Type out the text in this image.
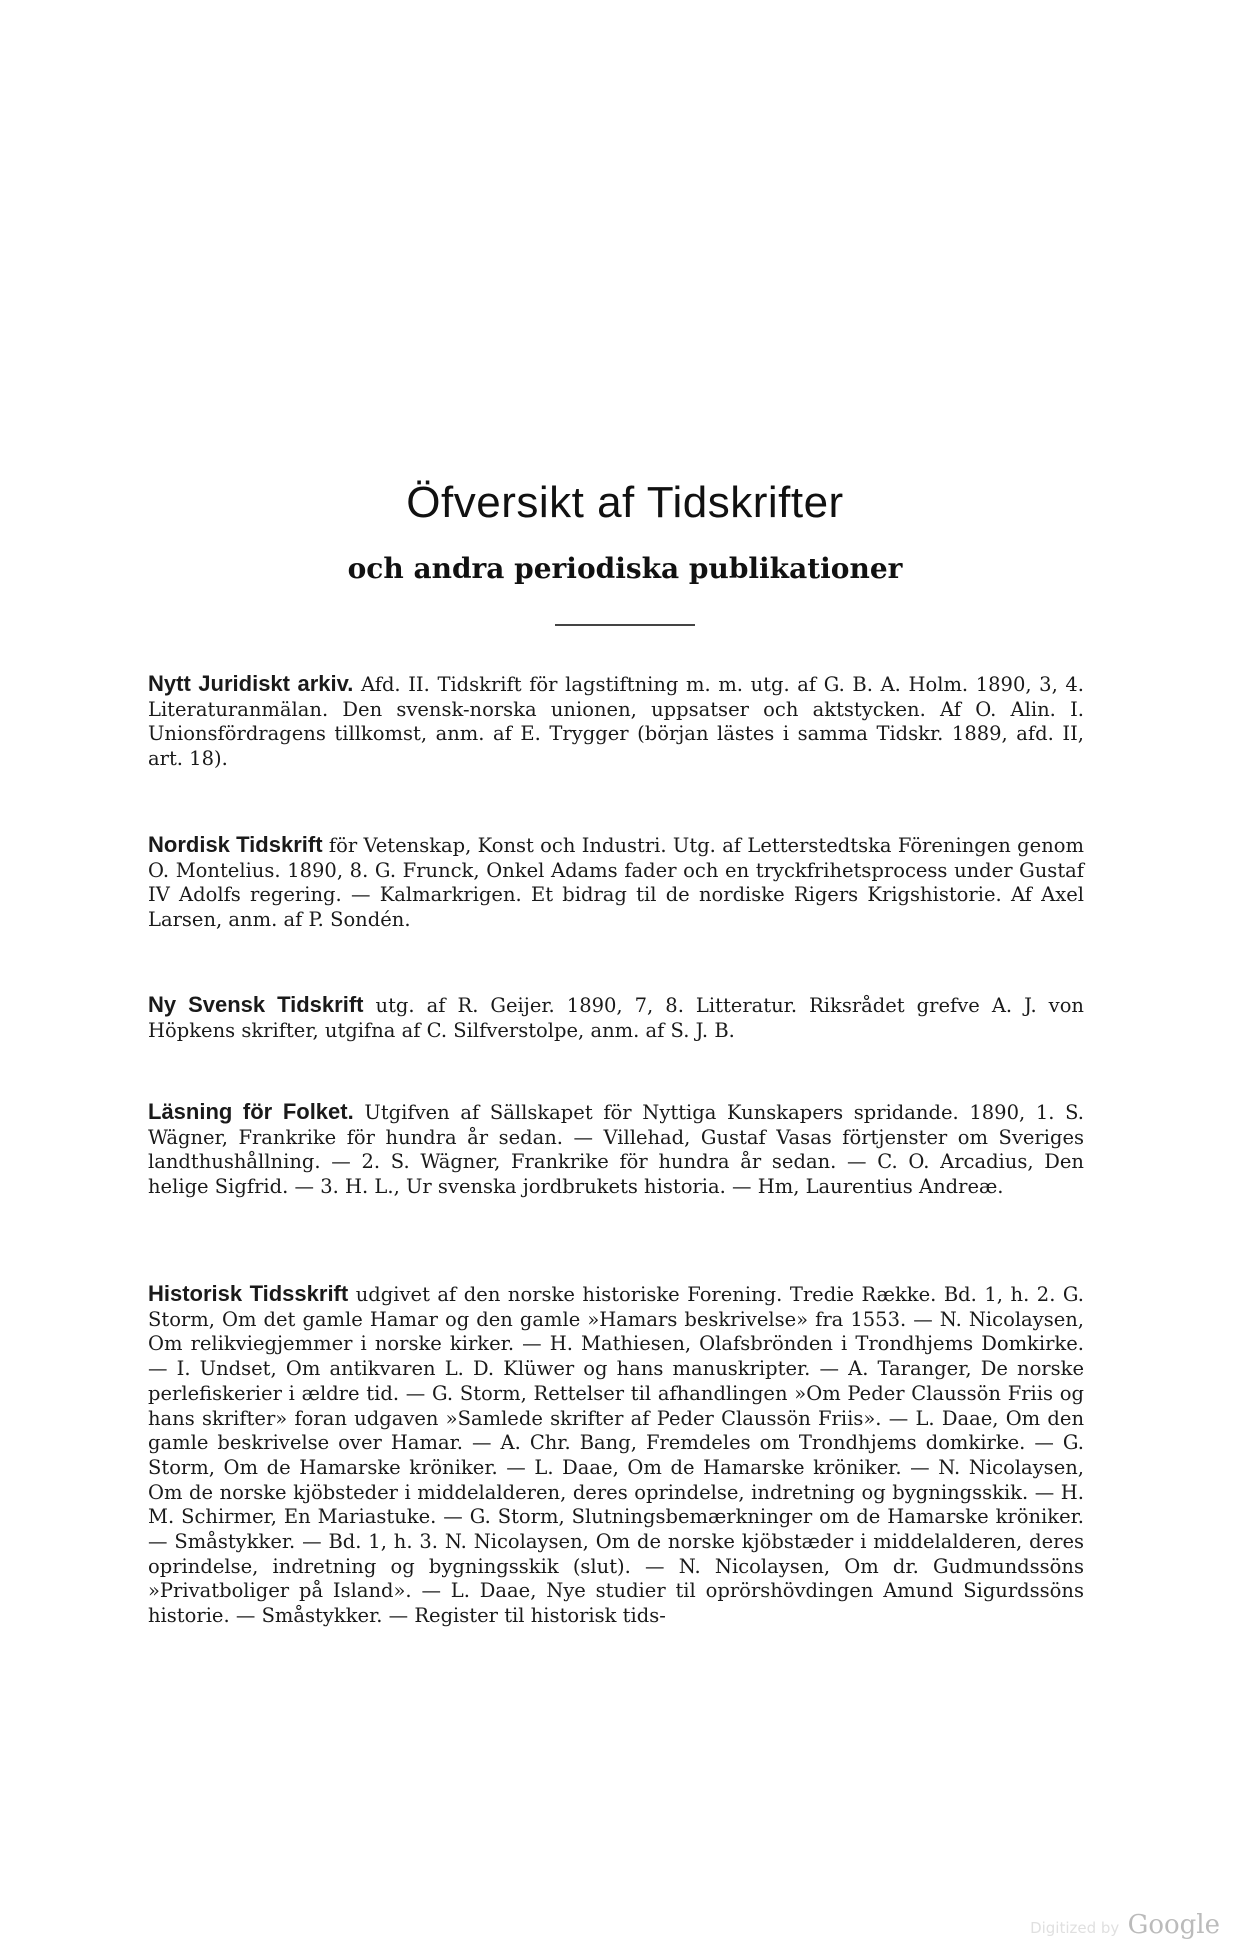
Öfversikt af Tidskrifter
och andra periodiska publikationer
Nytt Juridiskt arkiv. Afd. II. Tidskrift för lagstiftning m. m. utg. af G. B. A. Holm. 1890, 3, 4. Literaturanmälan. Den svensk-norska unionen, uppsatser och aktstycken. Af O. Alin. I. Unionsfördragens tillkomst, anm. af E. Trygger (början lästes i samma Tidskr. 1889, afd. II, art. 18).
Nordisk Tidskrift för Vetenskap, Konst och Industri. Utg. af Letterstedtska Föreningen genom O. Montelius. 1890, 8. G. Frunck, Onkel Adams fader och en tryckfrihetsprocess under Gustaf IV Adolfs regering. — Kalmarkrigen. Et bidrag til de nordiske Rigers Krigshistorie. Af Axel Larsen, anm. af P. Sondén.
Ny Svensk Tidskrift utg. af R. Geijer. 1890, 7, 8. Litteratur. Riksrådet grefve A. J. von Höpkens skrifter, utgifna af C. Silfverstolpe, anm. af S. J. B.
Läsning för Folket. Utgifven af Sällskapet för Nyttiga Kunskapers spridande. 1890, 1. S. Wägner, Frankrike för hundra år sedan. — Villehad, Gustaf Vasas förtjenster om Sveriges landthushållning. — 2. S. Wägner, Frankrike för hundra år sedan. — C. O. Arcadius, Den helige Sigfrid. — 3. H. L., Ur svenska jordbrukets historia. — Hm, Laurentius Andreæ.
Historisk Tidsskrift udgivet af den norske historiske Forening. Tredie Række. Bd. 1, h. 2. G. Storm, Om det gamle Hamar og den gamle »Hamars beskrivelse» fra 1553. — N. Nicolaysen, Om relikviegjemmer i norske kirker. — H. Mathiesen, Olafsbrönden i Trondhjems Domkirke. — I. Undset, Om antikvaren L. D. Klüwer og hans manuskripter. — A. Taranger, De norske perlefiskerier i ældre tid. — G. Storm, Rettelser til afhandlingen »Om Peder Claussön Friis og hans skrifter» foran udgaven »Samlede skrifter af Peder Claussön Friis». — L. Daae, Om den gamle beskrivelse over Hamar. — A. Chr. Bang, Fremdeles om Trondhjems domkirke. — G. Storm, Om de Hamarske kröniker. — L. Daae, Om de Hamarske kröniker. — N. Nicolaysen, Om de norske kjöbsteder i middelalderen, deres oprindelse, indretning og bygningsskik. — H. M. Schirmer, En Mariastuke. — G. Storm, Slutningsbemærkninger om de Hamarske kröniker. — Småstykker. — Bd. 1, h. 3. N. Nicolaysen, Om de norske kjöbstæder i middelalderen, deres oprindelse, indretning og bygningsskik (slut). — N. Nicolaysen, Om dr. Gudmundssöns »Privatboliger på Island». — L. Daae, Nye studier til oprörshövdingen Amund Sigurdssöns historie. — Småstykker. — Register til historisk tids-
Digitized by Google
